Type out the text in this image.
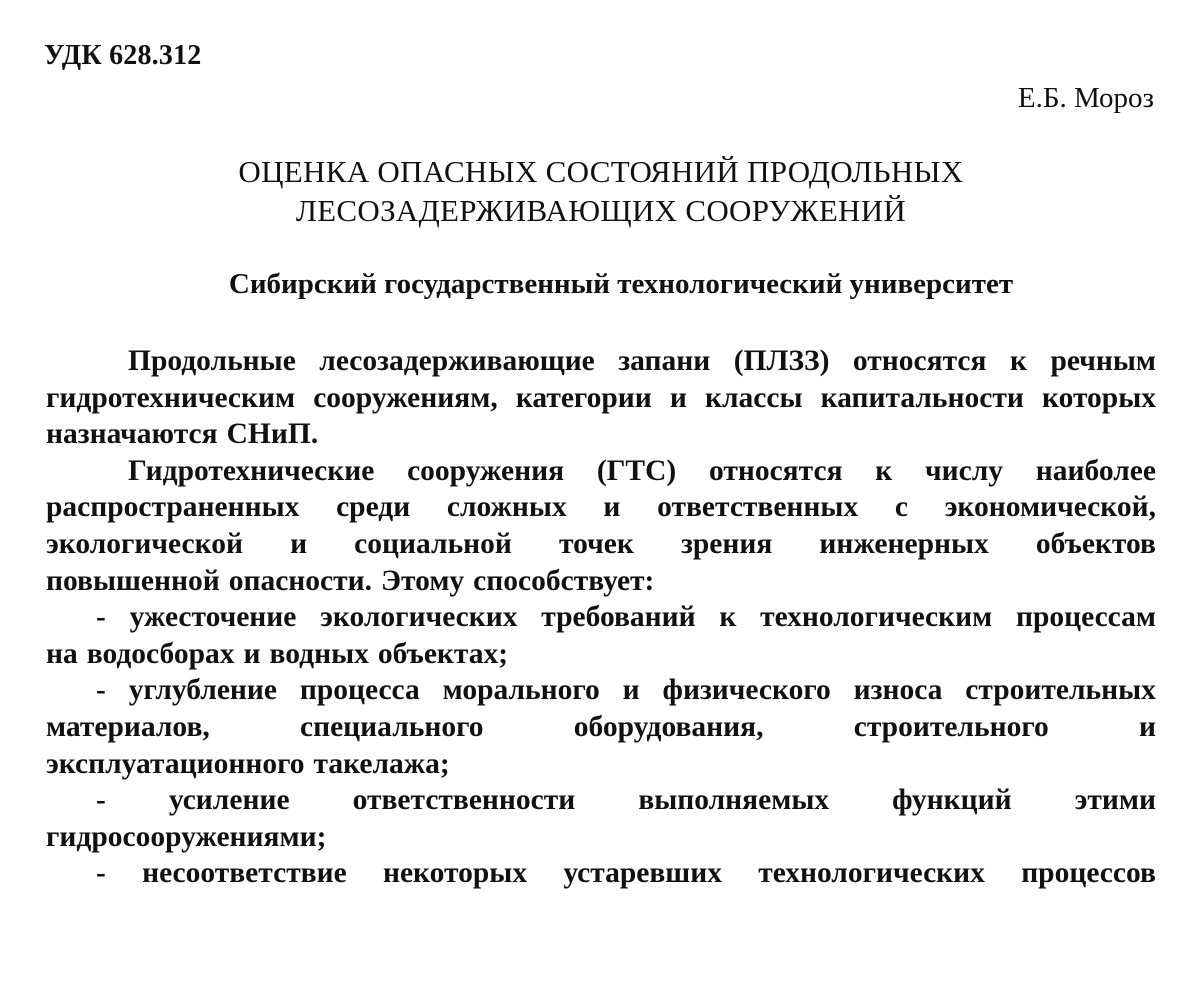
УДК 628.312
Е.Б. Мороз
ОЦЕНКА ОПАСНЫХ СОСТОЯНИЙ ПРОДОЛЬНЫХ
ЛЕСОЗАДЕРЖИВАЮЩИХ СООРУЖЕНИЙ
Сибирский государственный технологический университет
Продольные лесозадерживающие запани (ПЛЗЗ) относятся к речным
гидротехническим сооружениям, категории и классы капитальности которых
назначаются СНиП.
Гидротехнические сооружения (ГТС) относятся к числу наиболее
распространенных среди сложных и ответственных с экономической,
экологической и социальной точек зрения инженерных объектов
повышенной опасности. Этому способствует:
- ужесточение экологических требований к технологическим процессам
на водосборах и водных объектах;
- углубление процесса морального и физического износа строительных
материалов,	специального	оборудования,	строительного	и
эксплуатационного такелажа;
- усиление ответственности выполняемых функций этими
гидросооружениями;
- несоответствие некоторых устаревших технологических процессов
